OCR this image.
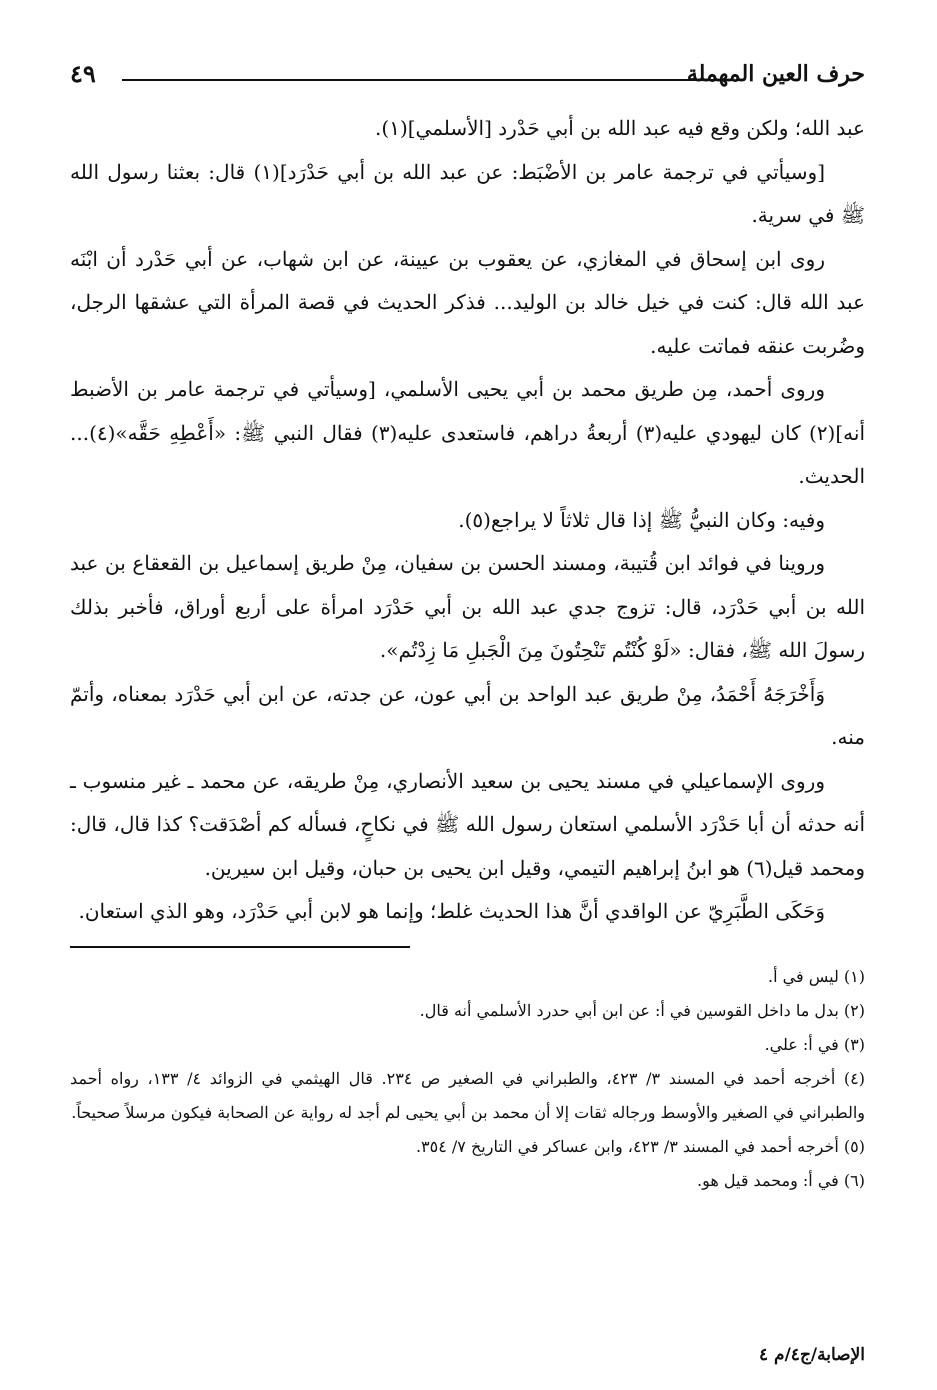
حرف العين المهملة
٤٩

عبد الله؛ ولكن وقع فيه عبد الله بن أبي حَدْرد [الأسلمي](١).

[وسيأتي في ترجمة عامر بن الأضْبَط: عن عبد الله بن أبي حَدْرَد](١) قال: بعثنا رسول الله ﷺ في سرية.

روى ابن إسحاق في المغازي، عن يعقوب بن عيينة، عن ابن شهاب، عن أبي حَدْرد أن ابْنَه عبد الله قال: كنت في خيل خالد بن الوليد... فذكر الحديث في قصة المرأة التي عشقها الرجل، وضُربت عنقه فماتت عليه.

وروى أحمد، مِن طريق محمد بن أبي يحيى الأسلمي، [وسيأتي في ترجمة عامر بن الأضبط أنه](٢) كان ليهودي عليه(٣) أربعةُ دراهم، فاستعدى عليه(٣) فقال النبي ﷺ: «أَعْطِهِ حَقَّه»(٤)... الحديث.

وفيه: وكان النبيُّ ﷺ إذا قال ثلاثاً لا يراجع(٥).

وروينا في فوائد ابن قُتيبة، ومسند الحسن بن سفيان، مِنْ طريق إسماعيل بن القعقاع بن عبد الله بن أبي حَدْرَد، قال: تزوج جدي عبد الله بن أبي حَدْرَد امرأة على أربع أوراق، فأخبر بذلك رسولَ الله ﷺ، فقال: «لَوْ كُنْتُم تَنْحِتُونَ مِنَ الْجَبلِ مَا زِدْتُم».

وَأَخْرَجَهُ أَحْمَدُ، مِنْ طريق عبد الواحد بن أبي عون، عن جدته، عن ابن أبي حَدْرَد بمعناه، وأتمّ منه.

وروى الإسماعيلي في مسند يحيى بن سعيد الأنصاري، مِنْ طريقه، عن محمد ـ غير منسوب ـ أنه حدثه أن أبا حَدْرَد الأسلمي استعان رسول الله ﷺ في نكاحٍ، فسأله كم أصْدَقت؟ كذا قال، قال: ومحمد قيل(٦) هو ابنُ إبراهيم التيمي، وقيل ابن يحيى بن حبان، وقيل ابن سيرين.

وَحَكَى الطَّبَرِيّ عن الواقدي أنَّ هذا الحديث غلط؛ وإنما هو لابن أبي حَدْرَد، وهو الذي استعان.

(١) ليس في أ.

(٢) بدل ما داخل القوسين في أ: عن ابن أبي حدرد الأسلمي أنه قال.

(٣) في أ: علي.

(٤) أخرجه أحمد في المسند ٣/ ٤٢٣، والطبراني في الصغير ص ٢٣٤. قال الهيثمي في الزوائد ٤/ ١٣٣، رواه أحمد والطبراني في الصغير والأوسط ورجاله ثقات إلا أن محمد بن أبي يحيى لم أجد له رواية عن الصحابة فيكون مرسلاً صحيحاً.

(٥) أخرجه أحمد في المسند ٣/ ٤٢٣، وابن عساكر في التاريخ ٧/ ٣٥٤.

(٦) في أ: ومحمد قيل هو.

الإصابة/ج٤/م ٤
